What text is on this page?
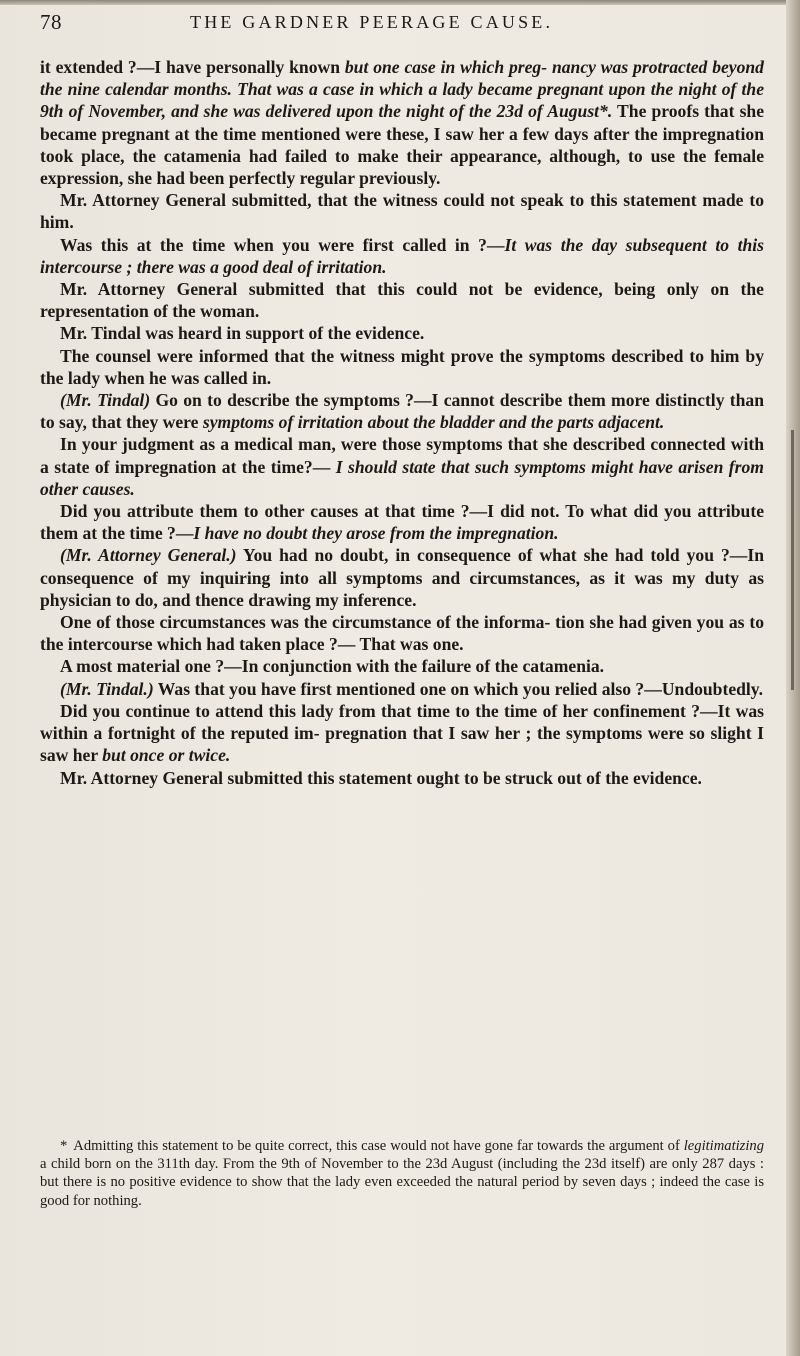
78	THE GARDNER PEERAGE CAUSE.

it extended ?—I have personally known but one case in which preg- nancy was protracted beyond the nine calendar months. That was a case in which a lady became pregnant upon the night of the 9th of November, and she was delivered upon the night of the 23d of August*. The proofs that she became pregnant at the time mentioned were these, I saw her a few days after the impregnation took place, the catamenia had failed to make their appearance, although, to use the female expression, she had been perfectly regular previously.

Mr. Attorney General submitted, that the witness could not speak to this statement made to him.

Was this at the time when you were first called in ?—It was the day subsequent to this intercourse ; there was a good deal of irritation.

Mr. Attorney General submitted that this could not be evidence, being only on the representation of the woman.

Mr. Tindal was heard in support of the evidence.

The counsel were informed that the witness might prove the symptoms described to him by the lady when he was called in.

(Mr. Tindal) Go on to describe the symptoms ?—I cannot describe them more distinctly than to say, that they were symptoms of irritation about the bladder and the parts adjacent.

In your judgment as a medical man, were those symptoms that she described connected with a state of impregnation at the time?— I should state that such symptoms might have arisen from other causes.

Did you attribute them to other causes at that time ?—I did not. To what did you attribute them at the time ?—I have no doubt they arose from the impregnation.

(Mr. Attorney General.) You had no doubt, in consequence of what she had told you ?—In consequence of my inquiring into all symptoms and circumstances, as it was my duty as physician to do, and thence drawing my inference.

One of those circumstances was the circumstance of the informa- tion she had given you as to the intercourse which had taken place ?— That was one.

A most material one ?—In conjunction with the failure of the catamenia.

(Mr. Tindal.) Was that you have first mentioned one on which you relied also ?—Undoubtedly.

Did you continue to attend this lady from that time to the time of her confinement ?—It was within a fortnight of the reputed im- pregnation that I saw her ; the symptoms were so slight I saw her but once or twice.

Mr. Attorney General submitted this statement ought to be struck out of the evidence.

* Admitting this statement to be quite correct, this case would not have gone far towards the argument of legitimatizing a child born on the 311th day. From the 9th of November to the 23d August (including the 23d itself) are only 287 days : but there is no positive evidence to show that the lady even exceeded the natural period by seven days ; indeed the case is good for nothing.
